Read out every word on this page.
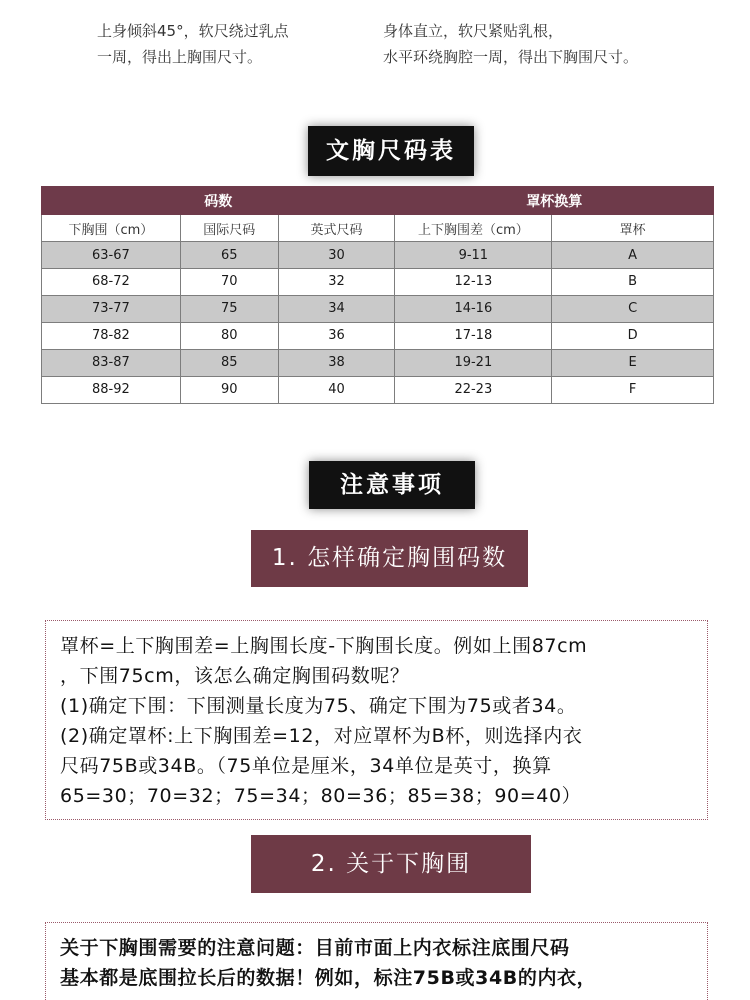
上身倾斜45°，软尺绕过乳点
一周，得出上胸围尺寸。
身体直立，软尺紧贴乳根，
水平环绕胸腔一周，得出下胸围尺寸。
文胸尺码表
码数			罩杯换算	
下胸围（cm）	国际尺码	英式尺码	上下胸围差（cm）	罩杯
63-67	65	30	9-11	A
68-72	70	32	12-13	B
73-77	75	34	14-16	C
78-82	80	36	17-18	D
83-87	85	38	19-21	E
88-92	90	40	22-23	F
注意事项
1. 怎样确定胸围码数
罩杯=上下胸围差=上胸围长度-下胸围长度。例如上围87cm
，下围75cm，该怎么确定胸围码数呢？
(1)确定下围：下围测量长度为75、确定下围为75或者34。
(2)确定罩杯:上下胸围差=12，对应罩杯为B杯，则选择内衣
尺码75B或34B。（75单位是厘米，34单位是英寸，换算
65=30；70=32；75=34；80=36；85=38；90=40）
2. 关于下胸围
关于下胸围需要的注意问题：目前市面上内衣标注底围尺码
基本都是底围拉长后的数据！例如，标注75B或34B的内衣，
